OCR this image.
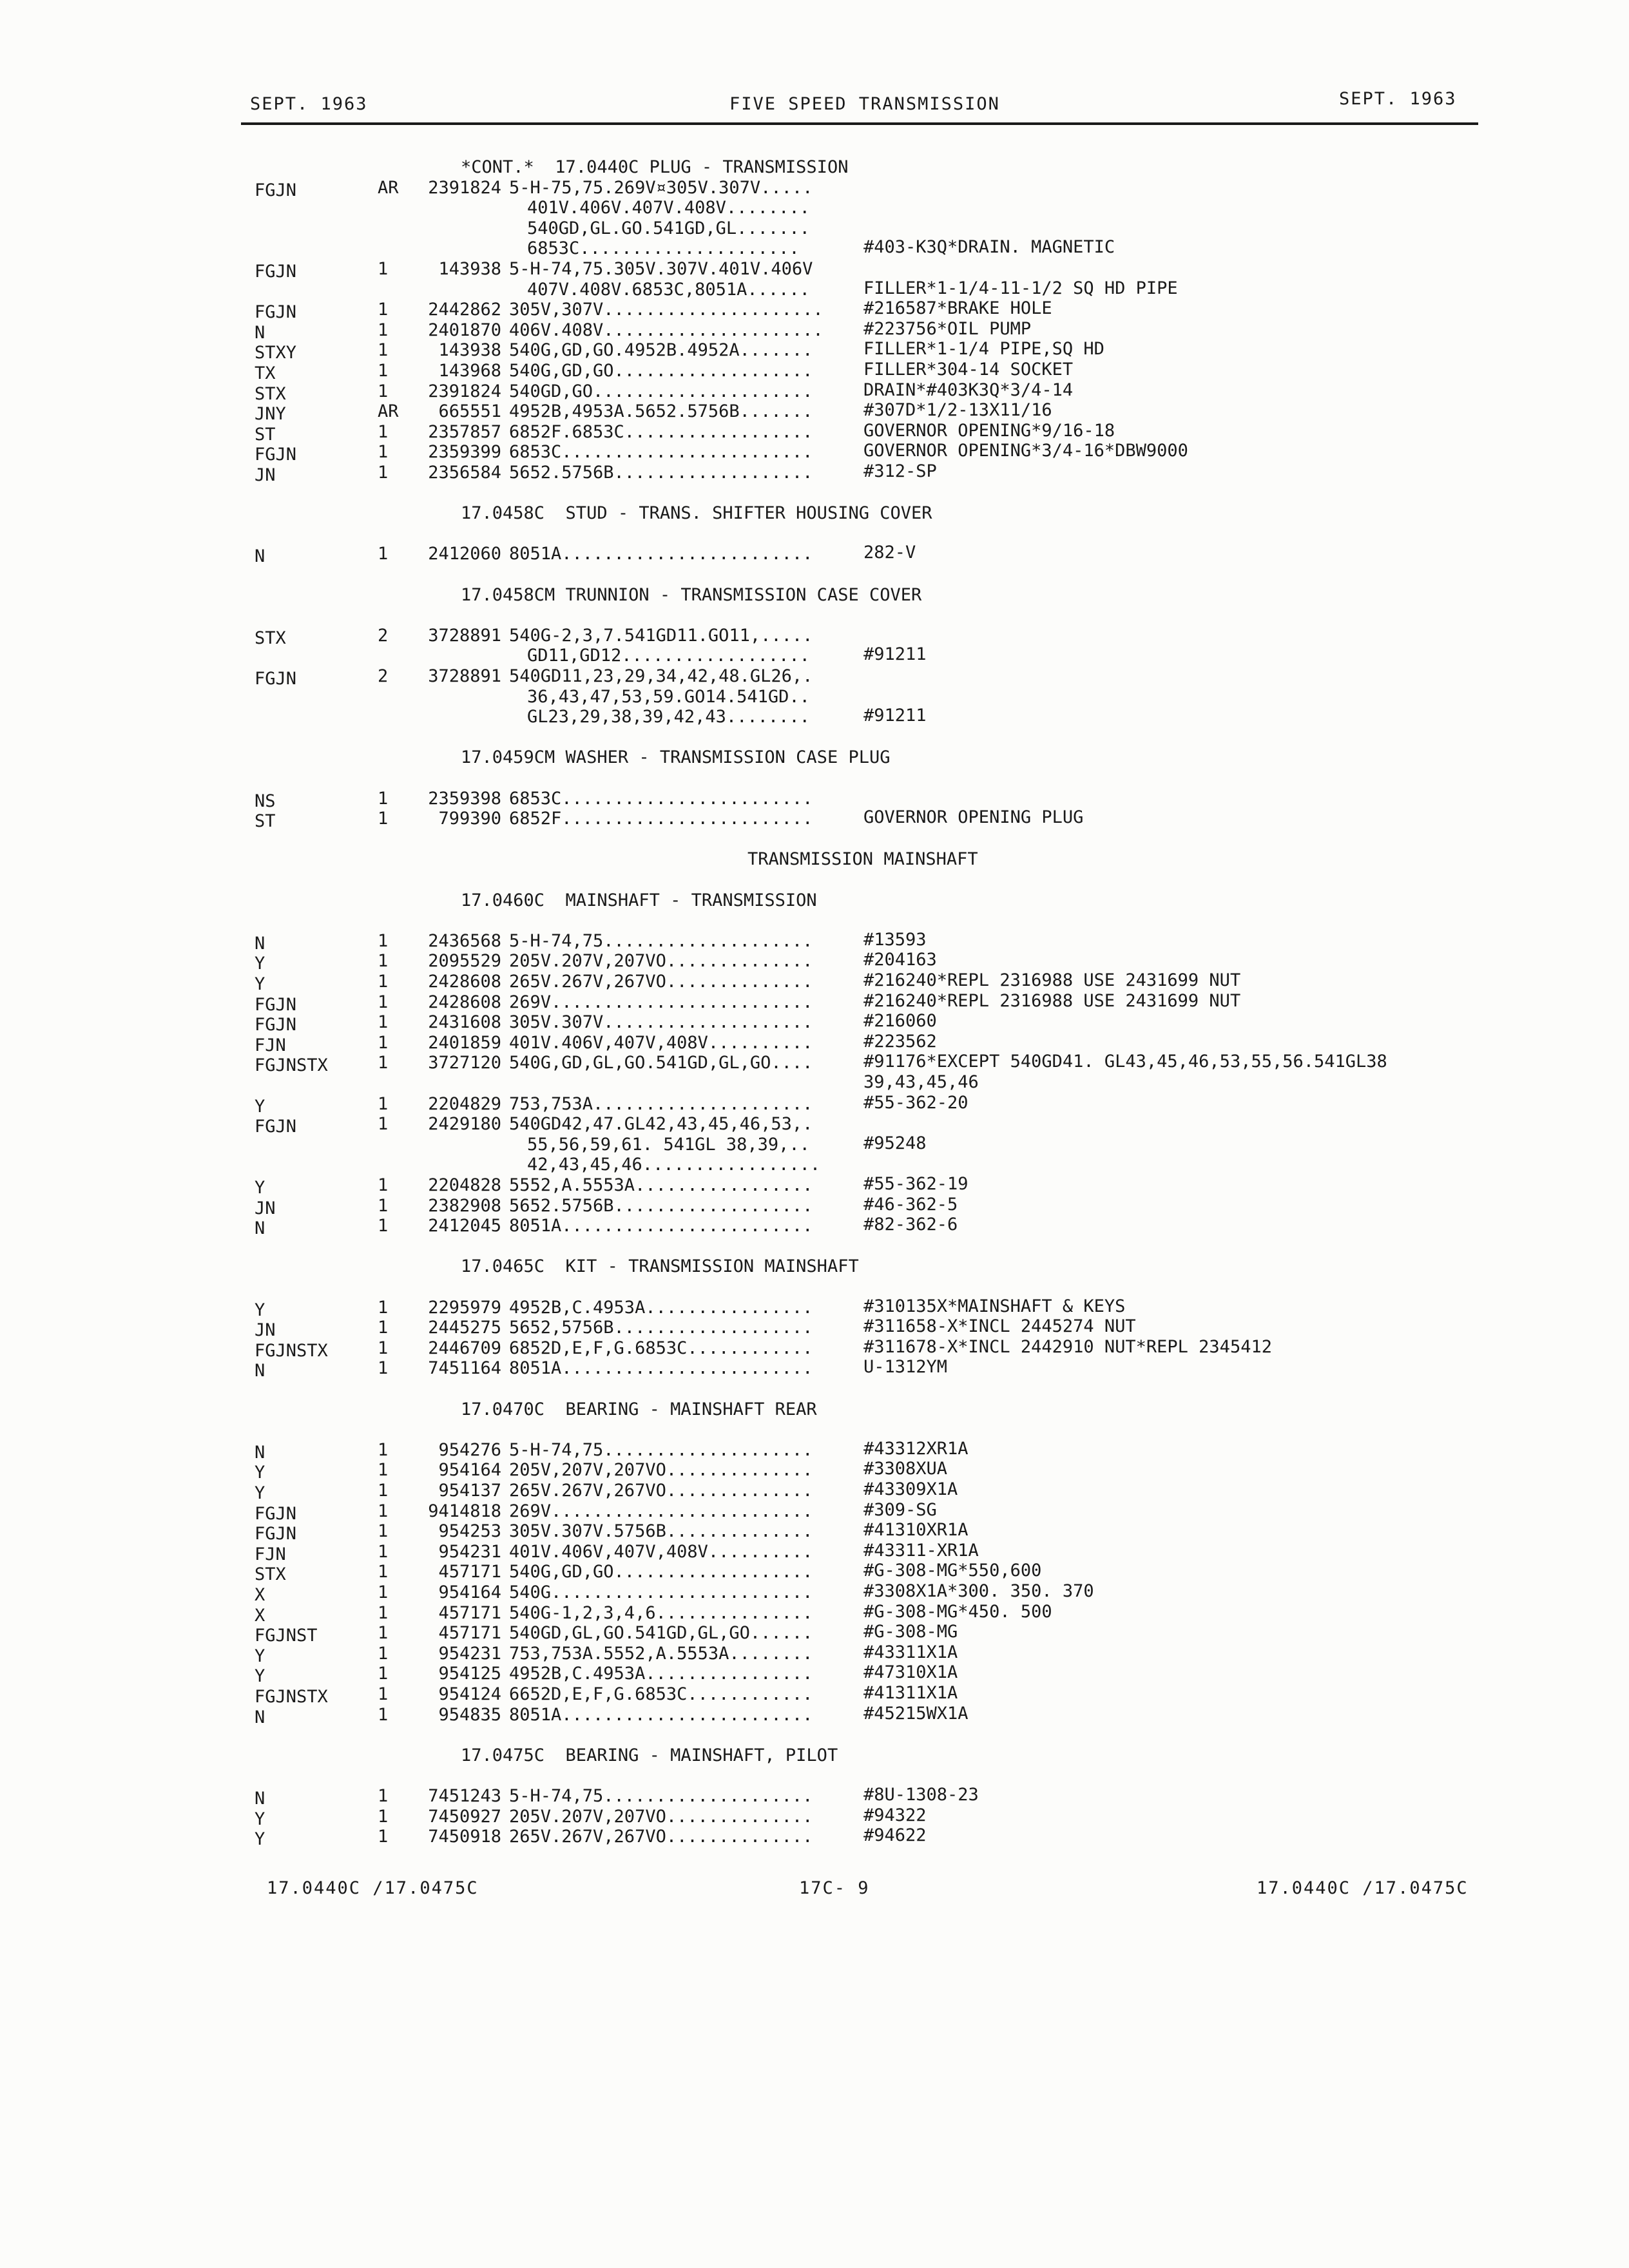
SEPT. 1963	FIVE SPEED TRANSMISSION	SEPT. 1963
*CONT.*  17.0440C PLUG - TRANSMISSION
FGJN	AR	2391824 5-H-75,75.269V¤305V.307V.....
401V.406V.407V.408V........
540GD,GL.GO.541GD,GL.......
6853C.....................	#403-K3Q*DRAIN. MAGNETIC
FGJN	1	143938 5-H-74,75.305V.307V.401V.406V
407V.408V.6853C,8051A......	FILLER*1-1/4-11-1/2 SQ HD PIPE
FGJN	1	2442862 305V,307V..................... #216587*BRAKE HOLE
N	1	2401870 406V.408V..................... #223756*OIL PUMP
STXY	1	143938 540G,GD,GO.4952B.4952A.......	FILLER*1-1/4 PIPE,SQ HD
TX	1	143968 540G,GD,GO...................	FILLER*304-14 SOCKET
STX	1	2391824 540GD,GO.....................	DRAIN*#403K3Q*3/4-14
JNY	AR	665551 4952B,4953A.5652.5756B.......	#307D*1/2-13X11/16
ST	1	2357857 6852F.6853C..................	GOVERNOR OPENING*9/16-18
FGJN	1	2359399 6853C........................	GOVERNOR OPENING*3/4-16*DBW9000
JN	1	2356584 5652.5756B...................	#312-SP
17.0458C  STUD - TRANS. SHIFTER HOUSING COVER
N	1	2412060 8051A........................	282-V
17.0458CM TRUNNION - TRANSMISSION CASE COVER
STX	2	3728891 540G-2,3,7.541GD11.GO11,.....
GD11,GD12..................	#91211
FGJN	2	3728891 540GD11,23,29,34,42,48.GL26,.
36,43,47,53,59.GO14.541GD..
GL23,29,38,39,42,43........	#91211
17.0459CM WASHER - TRANSMISSION CASE PLUG
NS	1	2359398 6853C........................
ST	1	799390 6852F........................	GOVERNOR OPENING PLUG
TRANSMISSION MAINSHAFT
17.0460C  MAINSHAFT - TRANSMISSION
N	1	2436568 5-H-74,75....................	#13593
Y	1	2095529 205V.207V,207VO..............	#204163
Y	1	2428608 265V.267V,267VO..............	#216240*REPL 2316988 USE 2431699 NUT
FGJN	1	2428608 269V.........................	#216240*REPL 2316988 USE 2431699 NUT
FGJN	1	2431608 305V.307V....................	#216060
FJN	1	2401859 401V.406V,407V,408V..........	#223562
FGJNSTX	1	3727120 540G,GD,GL,GO.541GD,GL,GO....	#91176*EXCEPT 540GD41. GL43,45,46,53,55,56.541GL38
39,43,45,46
Y	1	2204829 753,753A.....................	#55-362-20
FGJN	1	2429180 540GD42,47.GL42,43,45,46,53,.
55,56,59,61. 541GL 38,39,..	#95248
42,43,45,46.................
Y	1	2204828 5552,A.5553A.................	#55-362-19
JN	1	2382908 5652.5756B...................	#46-362-5
N	1	2412045 8051A........................	#82-362-6
17.0465C  KIT - TRANSMISSION MAINSHAFT
Y	1	2295979 4952B,C.4953A................	#310135X*MAINSHAFT & KEYS
JN	1	2445275 5652,5756B...................	#311658-X*INCL 2445274 NUT
FGJNSTX	1	2446709 6852D,E,F,G.6853C............	#311678-X*INCL 2442910 NUT*REPL 2345412
N	1	7451164 8051A........................	U-1312YM
17.0470C  BEARING - MAINSHAFT REAR
N	1	954276 5-H-74,75....................	#43312XR1A
Y	1	954164 205V,207V,207VO..............	#3308XUA
Y	1	954137 265V.267V,267VO..............	#43309X1A
FGJN	1	9414818 269V.........................	#309-SG
FGJN	1	954253 305V.307V.5756B..............	#41310XR1A
FJN	1	954231 401V.406V,407V,408V..........	#43311-XR1A
STX	1	457171 540G,GD,GO...................	#G-308-MG*550,600
X	1	954164 540G.........................	#3308X1A*300. 350. 370
X	1	457171 540G-1,2,3,4,6...............	#G-308-MG*450. 500
FGJNST	1	457171 540GD,GL,GO.541GD,GL,GO......	#G-308-MG
Y	1	954231 753,753A.5552,A.5553A........	#43311X1A
Y	1	954125 4952B,C.4953A................	#47310X1A
FGJNSTX	1	954124 6652D,E,F,G.6853C............	#41311X1A
N	1	954835 8051A........................	#45215WX1A
17.0475C  BEARING - MAINSHAFT, PILOT
N	1	7451243 5-H-74,75....................	#8U-1308-23
Y	1	7450927 205V.207V,207VO..............	#94322
Y	1	7450918 265V.267V,267VO..............	#94622
17.0440C /17.0475C	17C- 9	17.0440C /17.0475C
